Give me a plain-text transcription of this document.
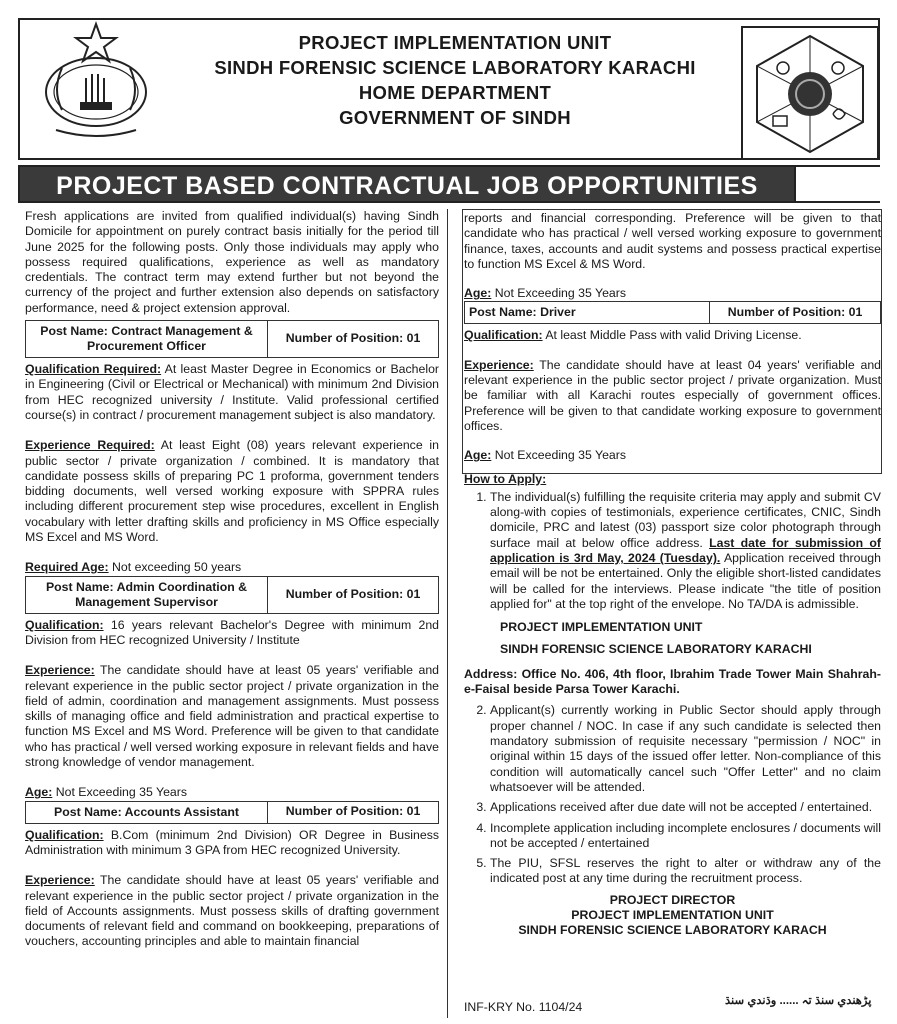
PROJECT IMPLEMENTATION UNIT
SINDH FORENSIC SCIENCE LABORATORY KARACHI
HOME DEPARTMENT
GOVERNMENT OF SINDH
PROJECT BASED CONTRACTUAL JOB OPPORTUNITIES

Fresh applications are invited from qualified individual(s) having Sindh Domicile for appointment on purely contract basis initially for the period till June 2025 for the following posts. Only those individuals may apply who possess required qualifications, experience as well as mandatory credentials. The contract term may extend further but not beyond the currency of the project and further extension also depends on satisfactory performance, need & project extension approval.

Post Name: Contract Management & Procurement Officer
Number of Position: 01

Qualification Required: At least Master Degree in Economics or Bachelor in Engineering (Civil or Electrical or Mechanical) with minimum 2nd Division from HEC recognized university / Institute. Valid professional certified course(s) in contract / procurement management subject is also mandatory.

Experience Required: At least Eight (08) years relevant experience in public sector / private organization / combined. It is mandatory that candidate possess skills of preparing PC 1 proforma, government tenders bidding documents, well versed working exposure with SPPRA rules including different procurement step wise procedures, excellent in English vocabulary with letter drafting skills and proficiency in MS Office especially MS Excel and MS Word.

Required Age: Not exceeding 50 years

Post Name: Admin Coordination & Management Supervisor
Number of Position: 01

Qualification: 16 years relevant Bachelor's Degree with minimum 2nd Division from HEC recognized University / Institute

Experience: The candidate should have at least 05 years' verifiable and relevant experience in the public sector project / private organization in the field of admin, coordination and management assignments. Must possess skills of managing office and field administration and practical expertise to function MS Excel and MS Word. Preference will be given to that candidate who has practical / well versed working exposure in relevant fields and have strong knowledge of vendor management.

Age: Not Exceeding 35 Years

Post Name: Accounts Assistant	Number of Position: 01

Qualification: B.Com (minimum 2nd Division) OR Degree in Business Administration with minimum 3 GPA from HEC recognized University.

Experience: The candidate should have at least 05 years' verifiable and relevant experience in the public sector project / private organization in the field of Accounts assignments. Must possess skills of drafting government documents of relevant field and command on bookkeeping, preparations of vouchers, accounting principles and able to maintain financial

reports and financial corresponding. Preference will be given to that candidate who has practical / well versed working exposure to government finance, taxes, accounts and audit systems and possess practical expertise to function MS Excel & MS Word.

Age: Not Exceeding 35 Years

Post Name: Driver	Number of Position: 01

Qualification: At least Middle Pass with valid Driving License.

Experience: The candidate should have at least 04 years' verifiable and relevant experience in the public sector project / private organization. Must be familiar with all Karachi routes especially of government offices. Preference will be given to that candidate working exposure to government offices.

Age: Not Exceeding 35 Years

How to Apply:

1. The individual(s) fulfilling the requisite criteria may apply and submit CV along-with copies of testimonials, experience certificates, CNIC, Sindh domicile, PRC and latest (03) passport size color photograph through surface mail at below office address. Last date for submission of application is 3rd May, 2024 (Tuesday). Application received through email will be not be entertained. Only the eligible short-listed candidates will be called for the interviews. Please indicate "the title of position applied for" at the top right of the envelope. No TA/DA is admissible.

PROJECT IMPLEMENTATION UNIT

SINDH FORENSIC SCIENCE LABORATORY KARACHI

Address: Office No. 406, 4th floor, Ibrahim Trade Tower Main Shahrah-e-Faisal beside Parsa Tower Karachi.

2. Applicant(s) currently working in Public Sector should apply through proper channel / NOC. In case if any such candidate is selected then mandatory submission of requisite necessary "permission / NOC" in original within 15 days of the issued offer letter. Non-compliance of this condition will automatically cancel such "Offer Letter" and no claim whatsoever will be attended.
3. Applications received after due date will not be accepted / entertained.
4. Incomplete application including incomplete enclosures / documents will not be accepted / entertained
5. The PIU, SFSL reserves the right to alter or withdraw any of the indicated post at any time during the recruitment process.
PROJECT DIRECTOR
PROJECT IMPLEMENTATION UNIT
SINDH FORENSIC SCIENCE LABORATORY KARACH
INF-KRY No. 1104/24	پڑھندي سنڌ تہ ...... وڌندي سنڌ
